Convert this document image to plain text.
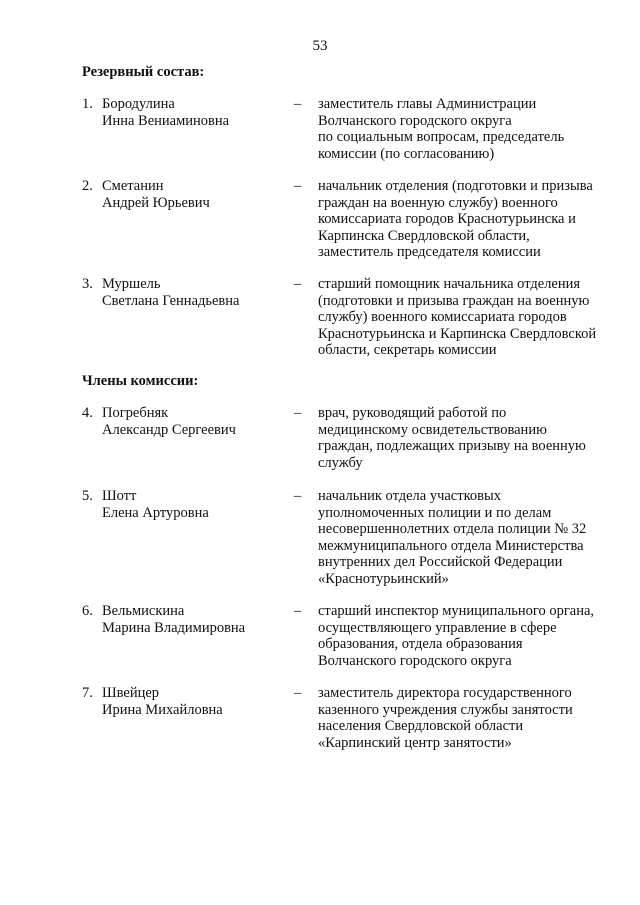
53
Резервный состав:
1. Бородулина
Инна Вениаминовна
– заместитель главы Администрации
Волчанского городского округа
по социальным вопросам, председатель
комиссии (по согласованию)
2. Сметанин
Андрей Юрьевич
– начальник отделения (подготовки и призыва
граждан на военную службу) военного
комиссариата городов Краснотурьинска и
Карпинска Свердловской области,
заместитель председателя комиссии
3. Муршель
Светлана Геннадьевна
– старший помощник начальника отделения
(подготовки и призыва граждан на военную
службу) военного комиссариата городов
Краснотурьинска и Карпинска Свердловской
области, секретарь комиссии
Члены комиссии:
4. Погребняк
Александр Сергеевич
– врач, руководящий работой по
медицинскому освидетельствованию
граждан, подлежащих призыву на военную
службу
5. Шотт
Елена Артуровна
– начальник отдела участковых
уполномоченных полиции и по делам
несовершеннолетних отдела полиции № 32
межмуниципального отдела Министерства
внутренних дел Российской Федерации
«Краснотурьинский»
6. Вельмискина
Марина Владимировна
– старший инспектор муниципального органа,
осуществляющего управление в сфере
образования, отдела образования
Волчанского городского округа
7. Швейцер
Ирина Михайловна
– заместитель директора государственного
казенного учреждения службы занятости
населения Свердловской области
«Карпинский центр занятости»
